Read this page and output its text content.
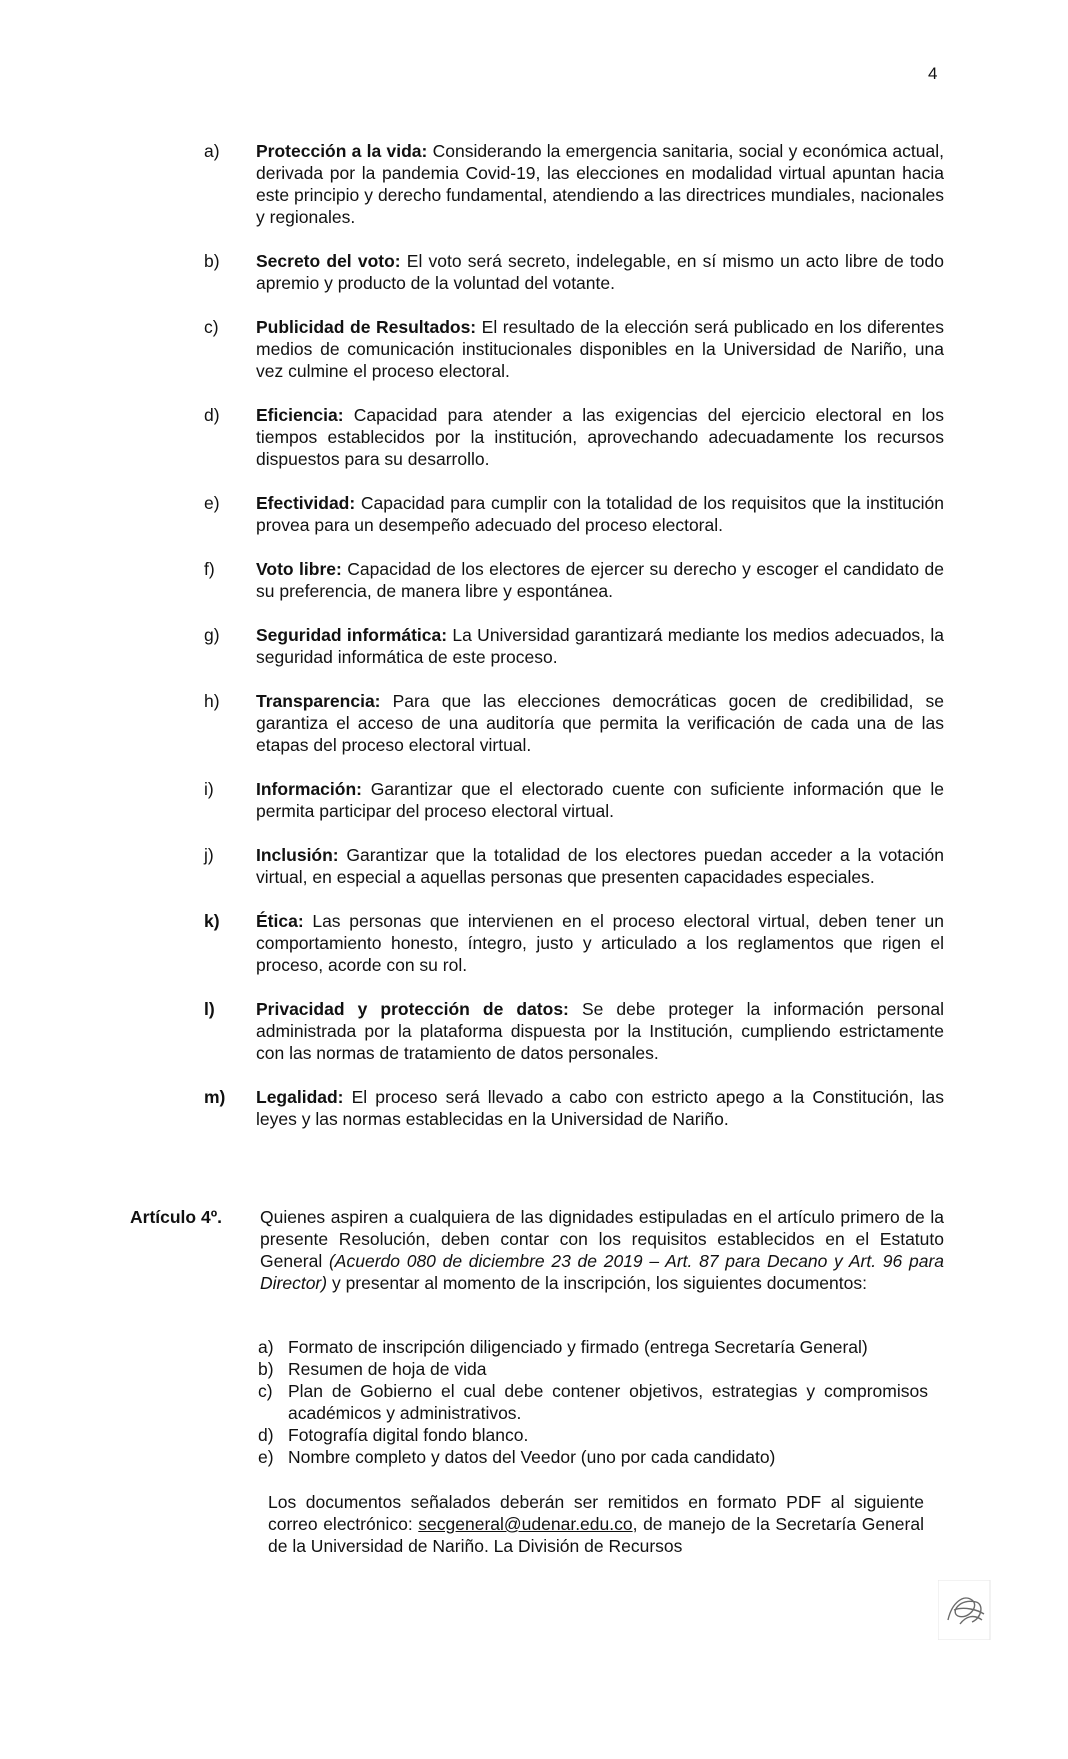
4
a)	Protección a la vida: Considerando la emergencia sanitaria, social y económica actual, derivada por la pandemia Covid-19, las elecciones en modalidad virtual apuntan hacia este principio y derecho fundamental, atendiendo a las directrices mundiales, nacionales y regionales.
b)	Secreto del voto: El voto será secreto, indelegable, en sí mismo un acto libre de todo apremio y producto de la voluntad del votante.
c)	Publicidad de Resultados: El resultado de la elección será publicado en los diferentes medios de comunicación institucionales disponibles en la Universidad de Nariño, una vez culmine el proceso electoral.
d)	Eficiencia: Capacidad para atender a las exigencias del ejercicio electoral en los tiempos establecidos por la institución, aprovechando adecuadamente los recursos dispuestos para su desarrollo.
e)	Efectividad: Capacidad para cumplir con la totalidad de los requisitos que la institución provea para un desempeño adecuado del proceso electoral.
f)	Voto libre: Capacidad de los electores de ejercer su derecho y escoger el candidato de su preferencia, de manera libre y espontánea.
g)	Seguridad informática: La Universidad garantizará mediante los medios adecuados, la seguridad informática de este proceso.
h)	Transparencia: Para que las elecciones democráticas gocen de credibilidad, se garantiza el acceso de una auditoría que permita la verificación de cada una de las etapas del proceso electoral virtual.
i)	Información: Garantizar que el electorado cuente con suficiente información que le permita participar del proceso electoral virtual.
j)	Inclusión: Garantizar que la totalidad de los electores puedan acceder a la votación virtual, en especial a aquellas personas que presenten capacidades especiales.
k)	Ética: Las personas que intervienen en el proceso electoral virtual, deben tener un comportamiento honesto, íntegro, justo y articulado a los reglamentos que rigen el proceso, acorde con su rol.
l)	Privacidad y protección de datos: Se debe proteger la información personal administrada por la plataforma dispuesta por la Institución, cumpliendo estrictamente con las normas de tratamiento de datos personales.
m)	Legalidad: El proceso será llevado a cabo con estricto apego a la Constitución, las leyes y las normas establecidas en la Universidad de Nariño.
Artículo 4º.	Quienes aspiren a cualquiera de las dignidades estipuladas en el artículo primero de la presente Resolución, deben contar con los requisitos establecidos en el Estatuto General (Acuerdo 080 de diciembre 23 de 2019 – Art. 87 para Decano y Art. 96 para Director) y presentar al momento de la inscripción, los siguientes documentos:
a) Formato de inscripción diligenciado y firmado (entrega Secretaría General)
b) Resumen de hoja de vida
c) Plan de Gobierno el cual debe contener objetivos, estrategias y compromisos académicos y administrativos.
d) Fotografía digital fondo blanco.
e) Nombre completo y datos del Veedor (uno por cada candidato)
Los documentos señalados deberán ser remitidos en formato PDF al siguiente correo electrónico: secgeneral@udenar.edu.co, de manejo de la Secretaría General de la Universidad de Nariño. La División de Recursos
